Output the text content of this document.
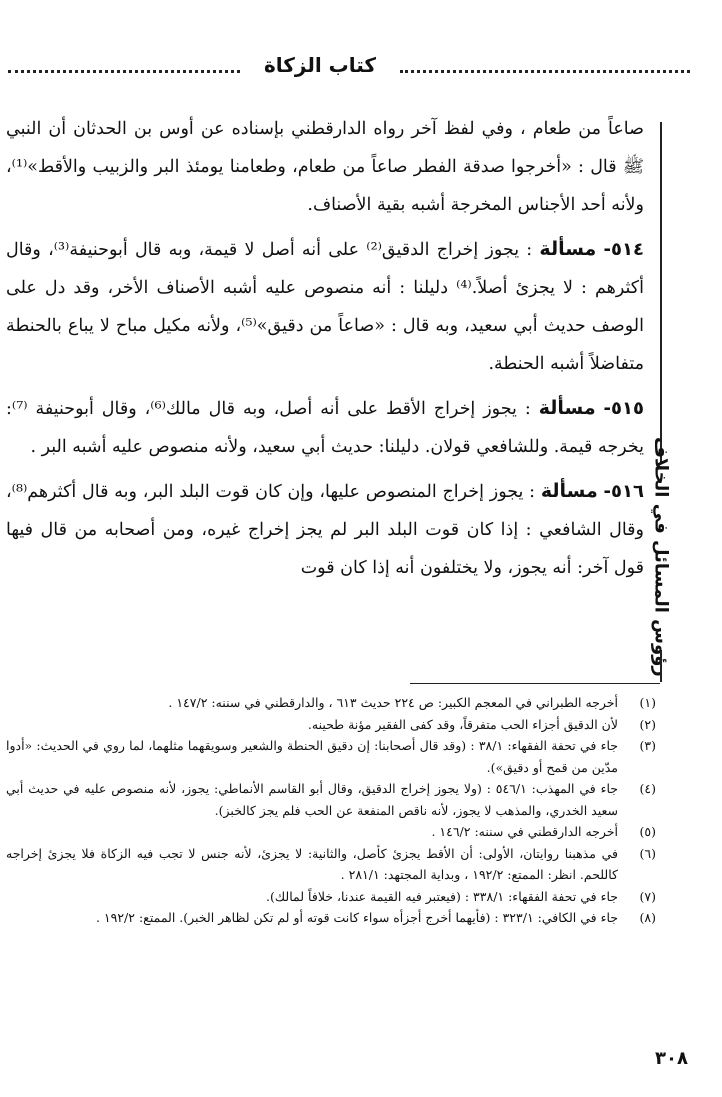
كتاب الزكاة
رؤوس المسائل في الخلاف

صاعاً من طعام ، وفي لفظ آخر رواه الدارقطني بإسناده عن أوس بن الحدثان أن النبي ﷺ قال : «أخرجوا صدقة الفطر صاعاً من طعام، وطعامنا يومئذ البر والزبيب والأقط»⁽¹⁾، ولأنه أحد الأجناس المخرجة أشبه بقية الأصناف.

٥١٤- مسألة : يجوز إخراج الدقيق⁽²⁾ على أنه أصل لا قيمة، وبه قال أبوحنيفة⁽³⁾، وقال أكثرهم : لا يجزئ أصلاً.⁽⁴⁾ دليلنا : أنه منصوص عليه أشبه الأصناف الأخر، وقد دل على الوصف حديث أبي سعيد، وبه قال : «صاعاً من دقيق»⁽⁵⁾، ولأنه مكيل مباح لا يباع بالحنطة متفاضلاً أشبه الحنطة.

٥١٥- مسألة : يجوز إخراج الأقط على أنه أصل، وبه قال مالك⁽⁶⁾، وقال أبوحنيفة ⁽⁷⁾: يخرجه قيمة. وللشافعي قولان. دليلنا: حديث أبي سعيد، ولأنه منصوص عليه أشبه البر .

٥١٦- مسألة : يجوز إخراج المنصوص عليها، وإن كان قوت البلد البر، وبه قال أكثرهم⁽⁸⁾، وقال الشافعي : إذا كان قوت البلد البر لم يجز إخراج غيره، ومن أصحابه من قال فيها قول آخر: أنه يجوز، ولا يختلفون أنه إذا كان قوت

(١)
أخرجه الطبراني في المعجم الكبير: ص ٢٢٤ حديث ٦١٣ ، والدارقطني في سننه: ١٤٧/٢ .

(٢)
لأن الدقيق أجزاء الحب متفرقاً، وقد كفى الفقير مؤنة طحينه.

(٣)
جاء في تحفة الفقهاء: ٣٨/١ : (وقد قال أصحابنا: إن دقيق الحنطة والشعير وسويقهما مثلهما، لما روي في الحديث: «أدوا مدّين من قمح أو دقيق»).

(٤)
جاء في المهذب: ٥٤٦/١ : (ولا يجوز إخراج الدقيق، وقال أبو القاسم الأنماطي: يجوز، لأنه منصوص عليه في حديث أبي سعيد الخدري، والمذهب لا يجوز، لأنه ناقص المنفعة عن الحب فلم يجز كالخبز).

(٥)
أخرجه الدارقطني في سننه: ١٤٦/٢ .

(٦)
في مذهبنا روايتان، الأولى: أن الأقط يجزئ كأصل، والثانية: لا يجزئ، لأنه جنس لا تجب فيه الزكاة فلا يجزئ إخراجه كاللحم. انظر: الممتع: ١٩٢/٢ ، وبداية المجتهد: ٢٨١/١ .

(٧)
جاء في تحفة الفقهاء: ٣٣٨/١ : (فيعتبر فيه القيمة عندنا، خلافاً لمالك).

(٨)
جاء في الكافي: ٣٢٣/١ : (فأيهما أخرج أجزأه سواء كانت قوته أو لم تكن لظاهر الخبر). الممتع: ١٩٢/٢ .

٣٠٨
